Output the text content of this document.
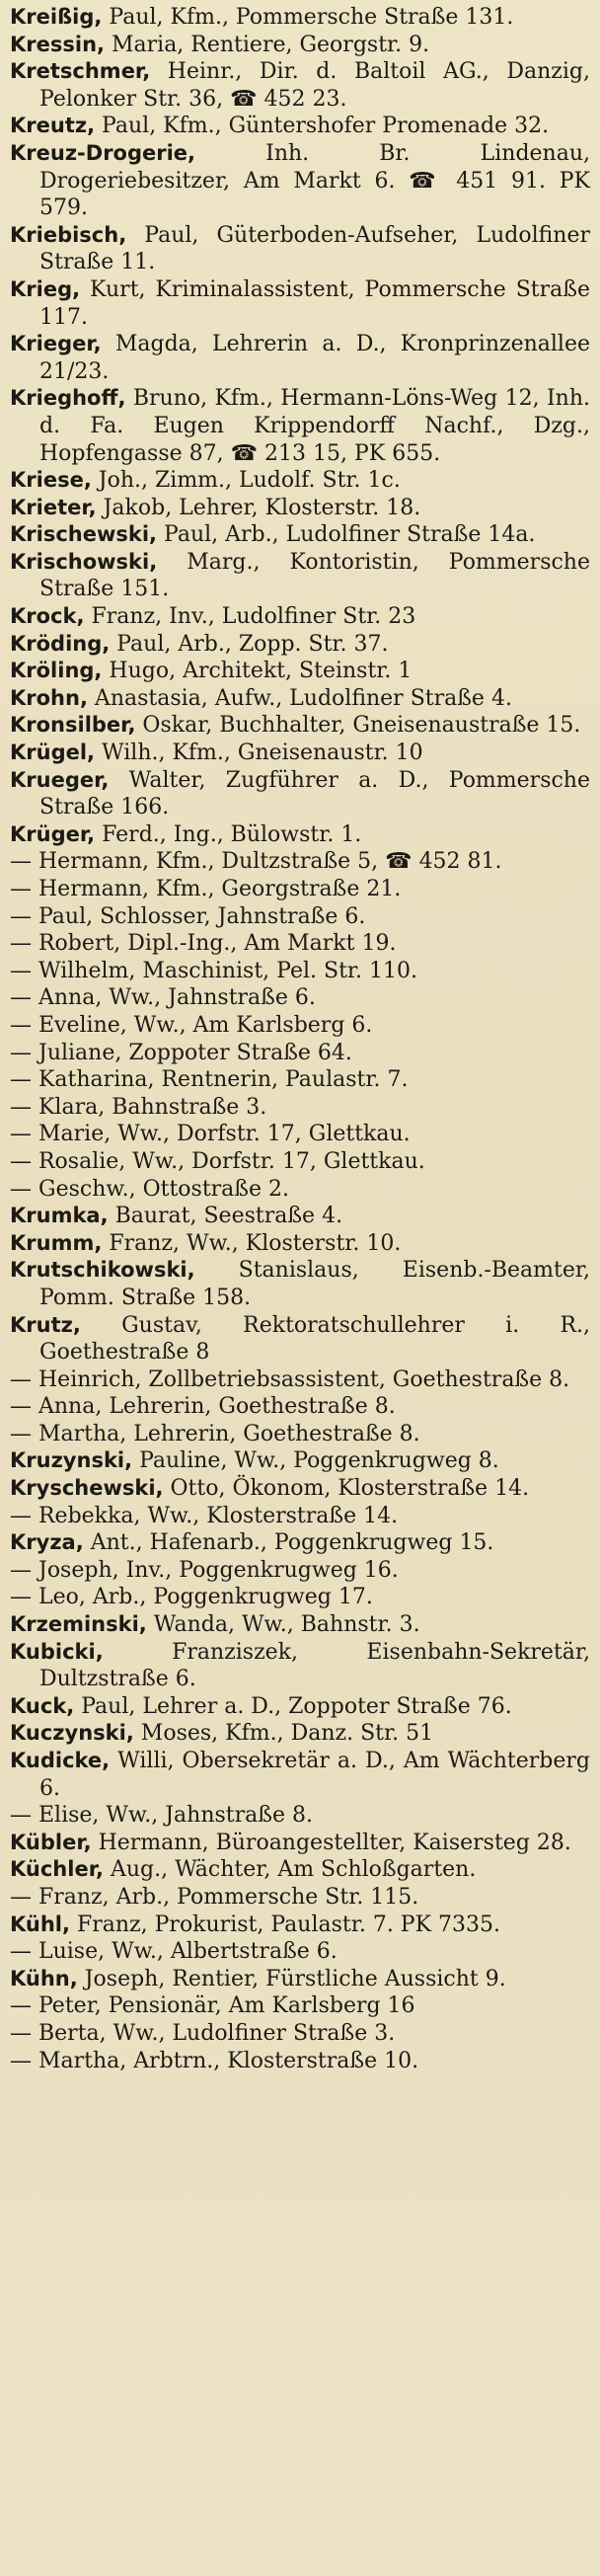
Kreißig, Paul, Kfm., Pommersche Straße 131.
Kressin, Maria, Rentiere, Georgstr. 9.
Kretschmer, Heinr., Dir. d. Baltoil AG., Danzig, Pelonker Str. 36, ☎ 452 23.
Kreutz, Paul, Kfm., Güntershofer Promenade 32.
Kreuz-Drogerie, Inh. Br. Lindenau, Drogeriebesitzer, Am Markt 6. ☎ 451 91. PK 579.
Kriebisch, Paul, Güterboden-Aufseher, Ludolfiner Straße 11.
Krieg, Kurt, Kriminalassistent, Pommersche Straße 117.
Krieger, Magda, Lehrerin a. D., Kronprinzenallee 21/23.
Krieghoff, Bruno, Kfm., Hermann-Löns-Weg 12, Inh. d. Fa. Eugen Krippendorff Nachf., Dzg., Hopfengasse 87, ☎ 213 15, PK 655.
Kriese, Joh., Zimm., Ludolf. Str. 1c.
Krieter, Jakob, Lehrer, Klosterstr. 18.
Krischewski, Paul, Arb., Ludolfiner Straße 14a.
Krischowski, Marg., Kontoristin, Pommersche Straße 151.
Krock, Franz, Inv., Ludolfiner Str. 23
Kröding, Paul, Arb., Zopp. Str. 37.
Kröling, Hugo, Architekt, Steinstr. 1
Krohn, Anastasia, Aufw., Ludolfiner Straße 4.
Kronsilber, Oskar, Buchhalter, Gneisenaustraße 15.
Krügel, Wilh., Kfm., Gneisenaustr. 10
Krueger, Walter, Zugführer a. D., Pommersche Straße 166.
Krüger, Ferd., Ing., Bülowstr. 1.
— Hermann, Kfm., Dultzstraße 5, ☎ 452 81.
— Hermann, Kfm., Georgstraße 21.
— Paul, Schlosser, Jahnstraße 6.
— Robert, Dipl.-Ing., Am Markt 19.
— Wilhelm, Maschinist, Pel. Str. 110.
— Anna, Ww., Jahnstraße 6.
— Eveline, Ww., Am Karlsberg 6.
— Juliane, Zoppoter Straße 64.
— Katharina, Rentnerin, Paulastr. 7.
— Klara, Bahnstraße 3.
— Marie, Ww., Dorfstr. 17, Glettkau.
— Rosalie, Ww., Dorfstr. 17, Glettkau.
— Geschw., Ottostraße 2.
Krumka, Baurat, Seestraße 4.
Krumm, Franz, Ww., Klosterstr. 10.
Krutschikowski, Stanislaus, Eisenb.-Beamter, Pomm. Straße 158.
Krutz, Gustav, Rektoratschullehrer i. R., Goethestraße 8
— Heinrich, Zollbetriebsassistent, Goethestraße 8.
— Anna, Lehrerin, Goethestraße 8.
— Martha, Lehrerin, Goethestraße 8.
Kruzynski, Pauline, Ww., Poggenkrugweg 8.
Kryschewski, Otto, Ökonom, Klosterstraße 14.
— Rebekka, Ww., Klosterstraße 14.
Kryza, Ant., Hafenarb., Poggenkrugweg 15.
— Joseph, Inv., Poggenkrugweg 16.
— Leo, Arb., Poggenkrugweg 17.
Krzeminski, Wanda, Ww., Bahnstr. 3.
Kubicki, Franziszek, Eisenbahn-Sekretär, Dultzstraße 6.
Kuck, Paul, Lehrer a. D., Zoppoter Straße 76.
Kuczynski, Moses, Kfm., Danz. Str. 51
Kudicke, Willi, Obersekretär a. D., Am Wächterberg 6.
— Elise, Ww., Jahnstraße 8.
Kübler, Hermann, Büroangestellter, Kaisersteg 28.
Küchler, Aug., Wächter, Am Schloßgarten.
— Franz, Arb., Pommersche Str. 115.
Kühl, Franz, Prokurist, Paulastr. 7. PK 7335.
— Luise, Ww., Albertstraße 6.
Kühn, Joseph, Rentier, Fürstliche Aussicht 9.
— Peter, Pensionär, Am Karlsberg 16
— Berta, Ww., Ludolfiner Straße 3.
— Martha, Arbtrn., Klosterstraße 10.
